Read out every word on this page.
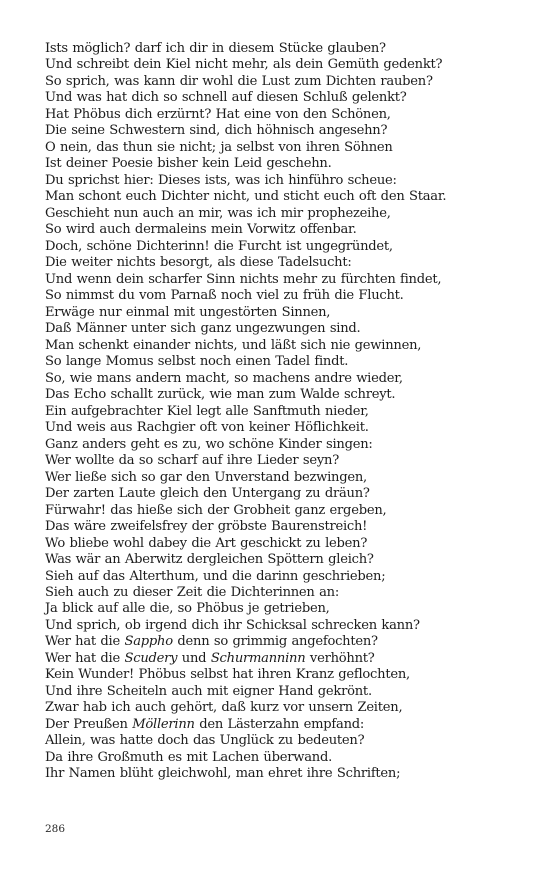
Ists möglich? darf ich dir in diesem Stücke glauben?
Und schreibt dein Kiel nicht mehr, als dein Gemüth gedenkt?
So sprich, was kann dir wohl die Lust zum Dichten rauben?
Und was hat dich so schnell auf diesen Schluß gelenkt?
Hat Phöbus dich erzürnt? Hat eine von den Schönen,
Die seine Schwestern sind, dich höhnisch angesehn?
O nein, das thun sie nicht; ja selbst von ihren Söhnen
Ist deiner Poesie bisher kein Leid geschehn.
Du sprichst hier: Dieses ists, was ich hinführo scheue:
Man schont euch Dichter nicht, und sticht euch oft den Staar.
Geschieht nun auch an mir, was ich mir prophezeihe,
So wird auch dermaleins mein Vorwitz offenbar.
Doch, schöne Dichterinn! die Furcht ist ungegründet,
Die weiter nichts besorgt, als diese Tadelsucht:
Und wenn dein scharfer Sinn nichts mehr zu fürchten findet,
So nimmst du vom Parnaß noch viel zu früh die Flucht.
Erwäge nur einmal mit ungestörten Sinnen,
Daß Männer unter sich ganz ungezwungen sind.
Man schenkt einander nichts, und läßt sich nie gewinnen,
So lange Momus selbst noch einen Tadel findt.
So, wie mans andern macht, so machens andre wieder,
Das Echo schallt zurück, wie man zum Walde schreyt.
Ein aufgebrachter Kiel legt alle Sanftmuth nieder,
Und weis aus Rachgier oft von keiner Höflichkeit.
Ganz anders geht es zu, wo schöne Kinder singen:
Wer wollte da so scharf auf ihre Lieder seyn?
Wer ließe sich so gar den Unverstand bezwingen,
Der zarten Laute gleich den Untergang zu dräun?
Fürwahr! das hieße sich der Grobheit ganz ergeben,
Das wäre zweifelsfrey der gröbste Baurenstreich!
Wo bliebe wohl dabey die Art geschickt zu leben?
Was wär an Aberwitz dergleichen Spöttern gleich?
Sieh auf das Alterthum, und die darinn geschrieben;
Sieh auch zu dieser Zeit die Dichterinnen an:
Ja blick auf alle die, so Phöbus je getrieben,
Und sprich, ob irgend dich ihr Schicksal schrecken kann?
Wer hat die Sappho denn so grimmig angefochten?
Wer hat die Scudery und Schurmanninn verhöhnt?
Kein Wunder! Phöbus selbst hat ihren Kranz geflochten,
Und ihre Scheiteln auch mit eigner Hand gekrönt.
Zwar hab ich auch gehört, daß kurz vor unsern Zeiten,
Der Preußen Möllerinn den Lästerzahn empfand:
Allein, was hatte doch das Unglück zu bedeuten?
Da ihre Großmuth es mit Lachen überwand.
Ihr Namen blüht gleichwohl, man ehret ihre Schriften;
286
